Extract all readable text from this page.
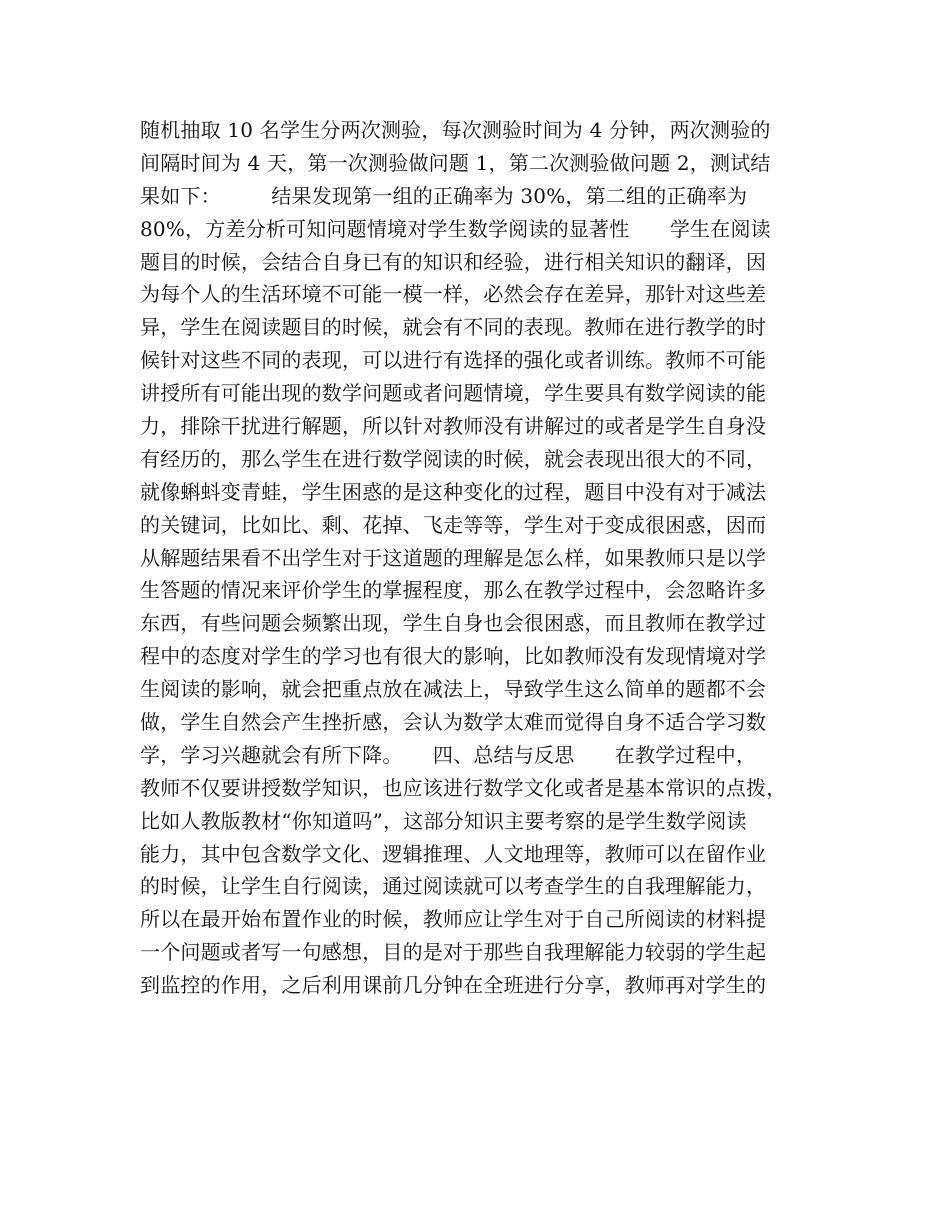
随机抽取 10 名学生分两次测验，每次测验时间为 4 分钟，两次测验的
间隔时间为 4 天，第一次测验做问题 1，第二次测验做问题 2，测试结
果如下：　　　结果发现第一组的正确率为 30%，第二组的正确率为
80%，方差分析可知问题情境对学生数学阅读的显著性　　学生在阅读
题目的时候，会结合自身已有的知识和经验，进行相关知识的翻译，因
为每个人的生活环境不可能一模一样，必然会存在差异，那针对这些差
异，学生在阅读题目的时候，就会有不同的表现。教师在进行教学的时
候针对这些不同的表现，可以进行有选择的强化或者训练。教师不可能
讲授所有可能出现的数学问题或者问题情境，学生要具有数学阅读的能
力，排除干扰进行解题，所以针对教师没有讲解过的或者是学生自身没
有经历的，那么学生在进行数学阅读的时候，就会表现出很大的不同，
就像蝌蚪变青蛙，学生困惑的是这种变化的过程，题目中没有对于减法
的关键词，比如比、剩、花掉、飞走等等，学生对于变成很困惑，因而
从解题结果看不出学生对于这道题的理解是怎么样，如果教师只是以学
生答题的情况来评价学生的掌握程度，那么在教学过程中，会忽略许多
东西，有些问题会频繁出现，学生自身也会很困惑，而且教师在教学过
程中的态度对学生的学习也有很大的影响，比如教师没有发现情境对学
生阅读的影响，就会把重点放在减法上，导致学生这么简单的题都不会
做，学生自然会产生挫折感，会认为数学太难而觉得自身不适合学习数
学，学习兴趣就会有所下降。　　四、总结与反思　　在教学过程中，
教师不仅要讲授数学知识，也应该进行数学文化或者是基本常识的点拨，
比如人教版教材“你知道吗”，这部分知识主要考察的是学生数学阅读
能力，其中包含数学文化、逻辑推理、人文地理等，教师可以在留作业
的时候，让学生自行阅读，通过阅读就可以考查学生的自我理解能力，
所以在最开始布置作业的时候，教师应让学生对于自己所阅读的材料提
一个问题或者写一句感想，目的是对于那些自我理解能力较弱的学生起
到监控的作用，之后利用课前几分钟在全班进行分享，教师再对学生的
